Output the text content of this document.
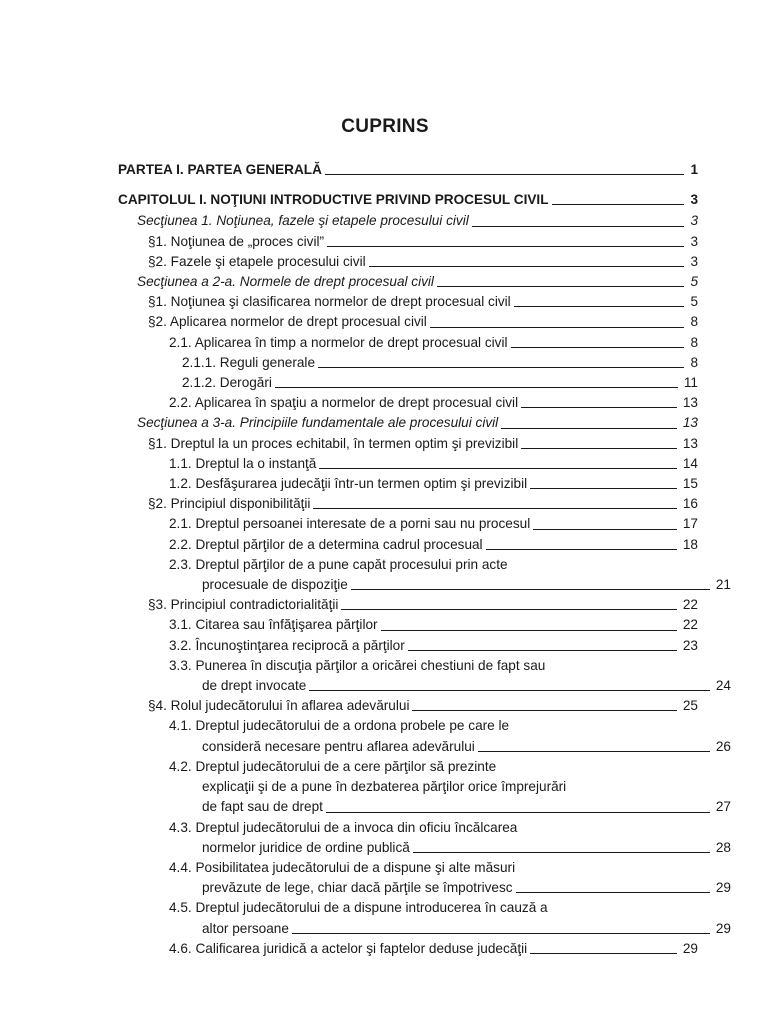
CUPRINS
PARTEA I. PARTEA GENERALĂ	1
CAPITOLUL I. NOŢIUNI INTRODUCTIVE PRIVIND PROCESUL CIVIL	3
Secţiunea 1. Noţiunea, fazele şi etapele procesului civil	3
§1. Noţiunea de „proces civil”	3
§2. Fazele şi etapele procesului civil	3
Secţiunea a 2-a. Normele de drept procesual civil	5
§1. Noţiunea şi clasificarea normelor de drept procesual civil	5
§2. Aplicarea normelor de drept procesual civil	8
2.1. Aplicarea în timp a normelor de drept procesual civil	8
2.1.1. Reguli generale	8
2.1.2. Derogări	11
2.2. Aplicarea în spaţiu a normelor de drept procesual civil	13
Secţiunea a 3-a. Principiile fundamentale ale procesului civil	13
§1. Dreptul la un proces echitabil, în termen optim şi previzibil	13
1.1. Dreptul la o instanţă	14
1.2. Desfăşurarea judecăţii într-un termen optim şi previzibil	15
§2. Principiul disponibilităţii	16
2.1. Dreptul persoanei interesate de a porni sau nu procesul	17
2.2. Dreptul părţilor de a determina cadrul procesual	18
2.3. Dreptul părţilor de a pune capăt procesului prin acte
procesuale de dispoziţie	21
§3. Principiul contradictorialităţii	22
3.1. Citarea sau înfăţişarea părţilor	22
3.2. Încunoştinţarea reciprocă a părţilor	23
3.3. Punerea în discuţia părţilor a oricărei chestiuni de fapt sau
de drept invocate	24
§4. Rolul judecătorului în aflarea adevărului	25
4.1. Dreptul judecătorului de a ordona probele pe care le
consideră necesare pentru aflarea adevărului	26
4.2. Dreptul judecătorului de a cere părţilor să prezinte
explicaţii şi de a pune în dezbaterea părţilor orice împrejurări
de fapt sau de drept	27
4.3. Dreptul judecătorului de a invoca din oficiu încălcarea
normelor juridice de ordine publică	28
4.4. Posibilitatea judecătorului de a dispune şi alte măsuri
prevăzute de lege, chiar dacă părţile se împotrivesc	29
4.5. Dreptul judecătorului de a dispune introducerea în cauză a
altor persoane	29
4.6. Calificarea juridică a actelor şi faptelor deduse judecăţii	29
